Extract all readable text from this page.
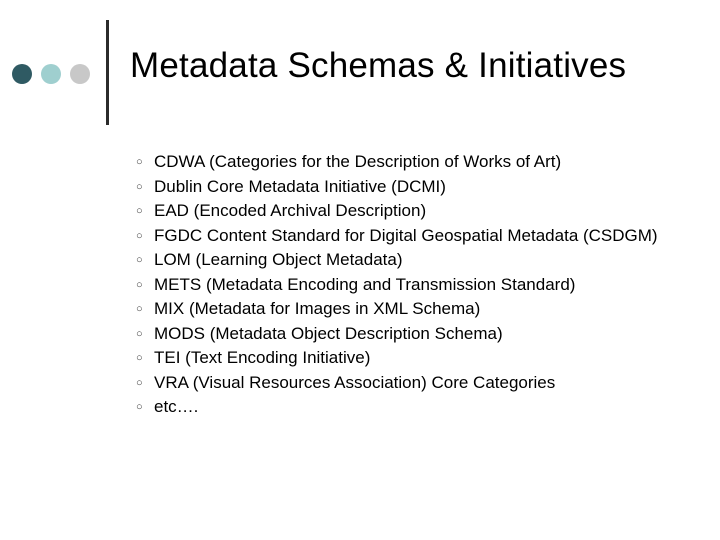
Metadata Schemas & Initiatives
○ CDWA (Categories for the Description of Works of Art)
○ Dublin Core Metadata Initiative (DCMI)
○ EAD (Encoded Archival Description)
○ FGDC Content Standard for Digital Geospatial Metadata (CSDGM)
○ LOM (Learning Object Metadata)
○ METS (Metadata Encoding and Transmission Standard)
○ MIX (Metadata for Images in XML Schema)
○ MODS (Metadata Object Description Schema)
○ TEI (Text Encoding Initiative)
○ VRA (Visual Resources Association) Core Categories
○ etc….
